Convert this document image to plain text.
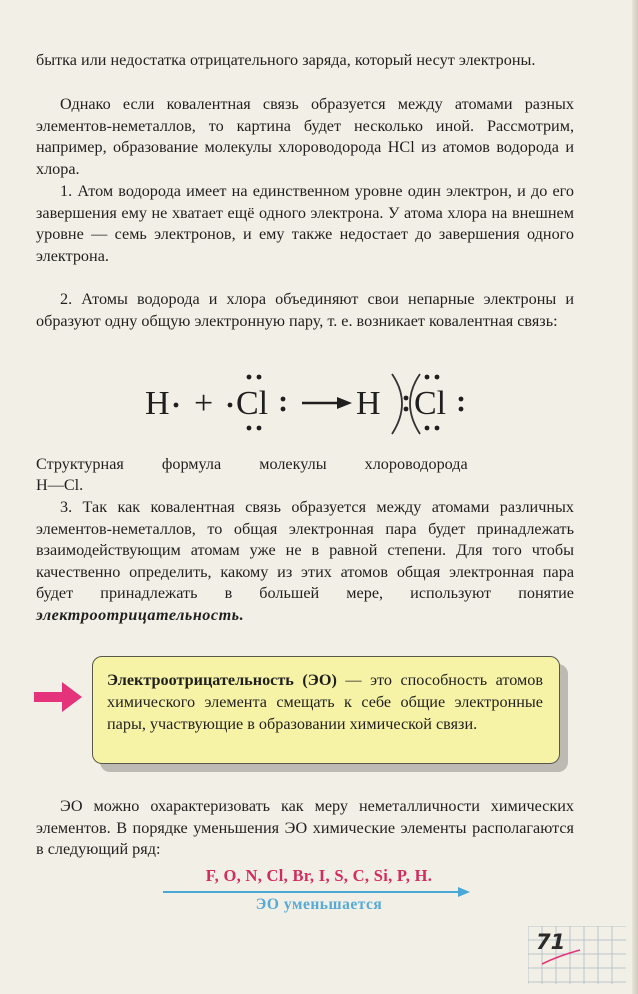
бытка или недостатка отрицательного заряда, который несут электроны.

Однако если ковалентная связь образуется между атомами разных элементов-неметаллов, то картина будет несколько иной. Рассмотрим, например, образование молекулы хлороводорода HCl из атомов водорода и хлора.

1. Атом водорода имеет на единственном уровне один электрон, и до его завершения ему не хватает ещё одного электрона. У атома хлора на внешнем уровне — семь электронов, и ему также недостает до завершения одного электрона.

2. Атомы водорода и хлора объединяют свои непарные электроны и образуют одну общую электронную пару, т. е. возникает ковалентная связь:

H + Cl	H Cl
Структурная формула молекулы хлороводорода

H—Cl.

3. Так как ковалентная связь образуется между атомами различных элементов-неметаллов, то общая электронная пара будет принадлежать взаимодействующим атомам уже не в равной степени. Для того чтобы качественно определить, какому из этих атомов общая электронная пара будет принадлежать в большей мере, используют понятие электроотрицательность.

Электроотрицательность (ЭО) — это способность атомов химического элемента смещать к себе общие электронные пары, участвующие в образовании химической связи.

ЭО можно охарактеризовать как меру неметалличности химических элементов. В порядке уменьшения ЭО химические элементы располагаются в следующий ряд:

F, O, N, Cl, Br, I, S, C, Si, P, H.
ЭО уменьшается
71
